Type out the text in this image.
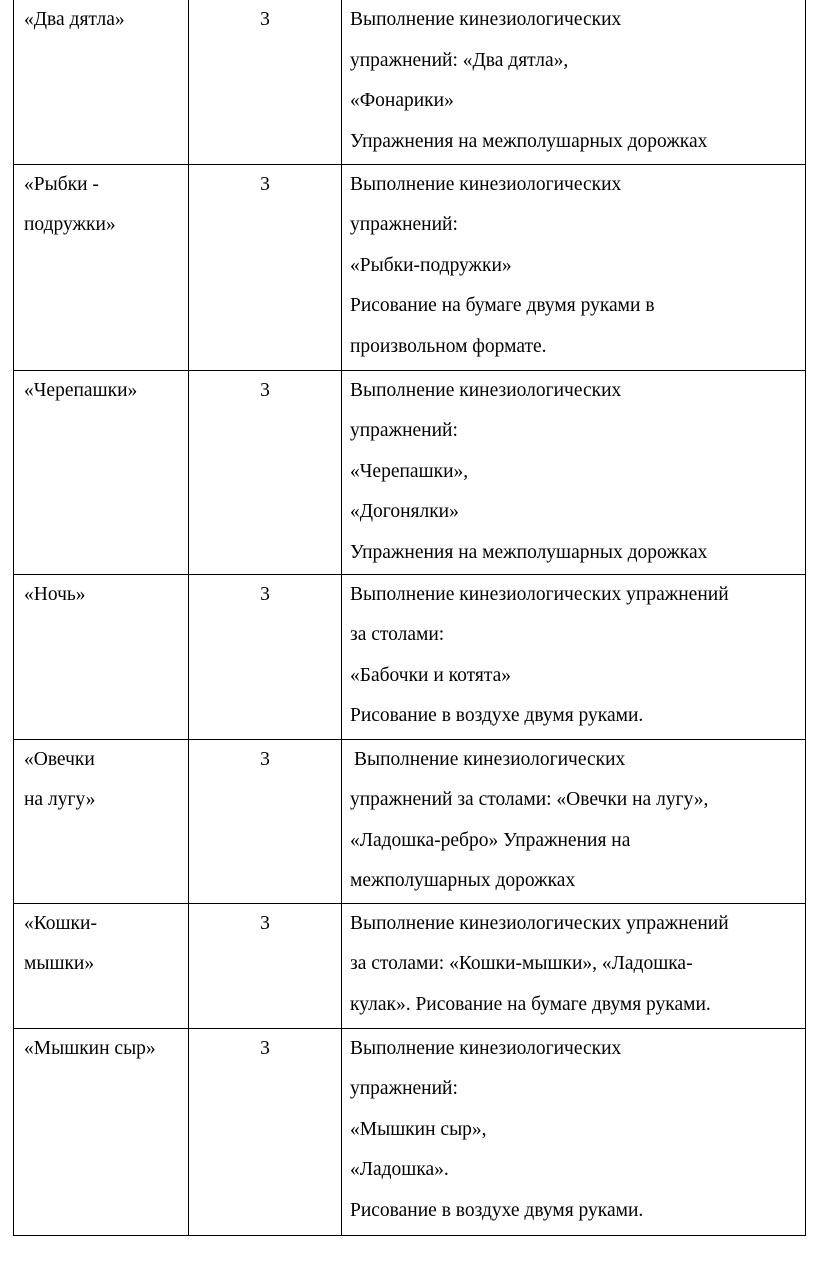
«Два дятла»	3	Выполнение кинезиологических
упражнений: «Два дятла»,
«Фонарики»
Упражнения на межполушарных дорожках

«Рыбки -
подружки»	3	Выполнение кинезиологических
упражнений:
«Рыбки-подружки»
Рисование на бумаге двумя руками в
произвольном формате.

«Черепашки»	3	Выполнение кинезиологических
упражнений:
«Черепашки»,
«Догонялки»
Упражнения на межполушарных дорожках

«Ночь»	3	Выполнение кинезиологических упражнений
за столами:
«Бабочки и котята»
Рисование в воздухе двумя руками.

«Овечки
на лугу»	3	Выполнение кинезиологических
упражнений за столами: «Овечки на лугу»,
«Ладошка-ребро» Упражнения на
межполушарных дорожках

«Кошки-
мышки»	3	Выполнение кинезиологических упражнений
за столами: «Кошки-мышки», «Ладошка-
кулак». Рисование на бумаге двумя руками.

«Мышкин сыр»	3	Выполнение кинезиологических
упражнений:
«Мышкин сыр»,
«Ладошка».
Рисование в воздухе двумя руками.
